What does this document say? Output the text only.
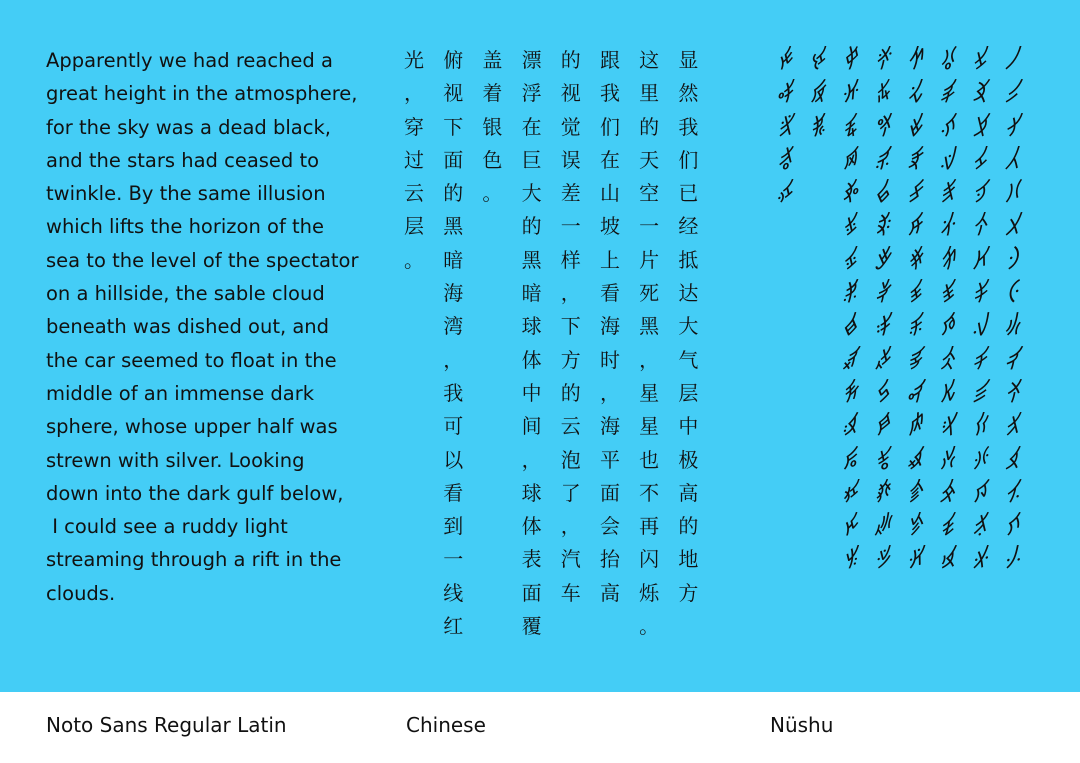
Apparently we had reached a
great height in the atmosphere,
for the sky was a dead black,
and the stars had ceased to
twinkle. By the same illusion
which lifts the horizon of the
sea to the level of the spectator
on a hillside, the sable cloud
beneath was dished out, and
the car seemed to float in the
middle of an immense dark
sphere, whose upper half was
strewn with silver. Looking
down into the dark gulf below,
I could see a ruddy light
streaming through a rift in the
clouds.
显
然
我
们
已
经
抵
达
大
气
层
中
极
高
的
地
方
这
里
的
天
空
一
片
死
黑
，
星
星
也
不
再
闪
烁
。
跟
我
们
在
山
坡
上
看
海
时
，
海
平
面
会
抬
高
的
视
觉
误
差
一
样
，
下
方
的
云
泡
了
，
汽
车
漂
浮
在
巨
大
的
黑
暗
球
体
中
间
，
球
体
表
面
覆
盖
着
银
色
。
俯
视
下
面
的
黑
暗
海
湾
，
我
可
以
看
到
一
线
红
光
，
穿
过
云
层
。
𛅰
𛅱
𛅲
𛅳
𛅴
𛅵
𛅶
𛅷
𛅸
𛅹
𛅺
𛅻
𛅼
𛅽
𛅾
𛅿
𛆀
𛆁
𛆂
𛆃
𛆄
𛆅
𛆆
𛆇
𛆈
𛆉
𛆊
𛆋
𛆌
𛆍
𛆎
𛆏
𛆐
𛆑
𛆒
𛆓
𛆔
𛆕
𛆖
𛆗
𛆘
𛆙
𛆚
𛆛
𛆜
𛆝
𛆞
𛆟
𛆠
𛆡
𛆢
𛆣
𛆤
𛆥
𛆦
𛆧
𛆨
𛆩
𛆪
𛆫
𛆬
𛆭
𛆮
𛆯
𛆰
𛆱
𛆲
𛆳
𛆴
𛆵
𛆶
𛆷
𛆸
𛆹
𛆺
𛆻
𛆼
𛆽
𛆾
𛆿
𛇀
𛇁
𛇂
𛇃
𛇄
𛇅
𛇆
𛇇
𛇈
𛇉
𛇊
𛇋
𛇌
𛇍
𛇎
𛇏
𛇐
𛇑
𛇒
𛇓
𛇔
𛇕
𛇖
𛇗
Noto Sans Regular Latin	Chinese	Nüshu
